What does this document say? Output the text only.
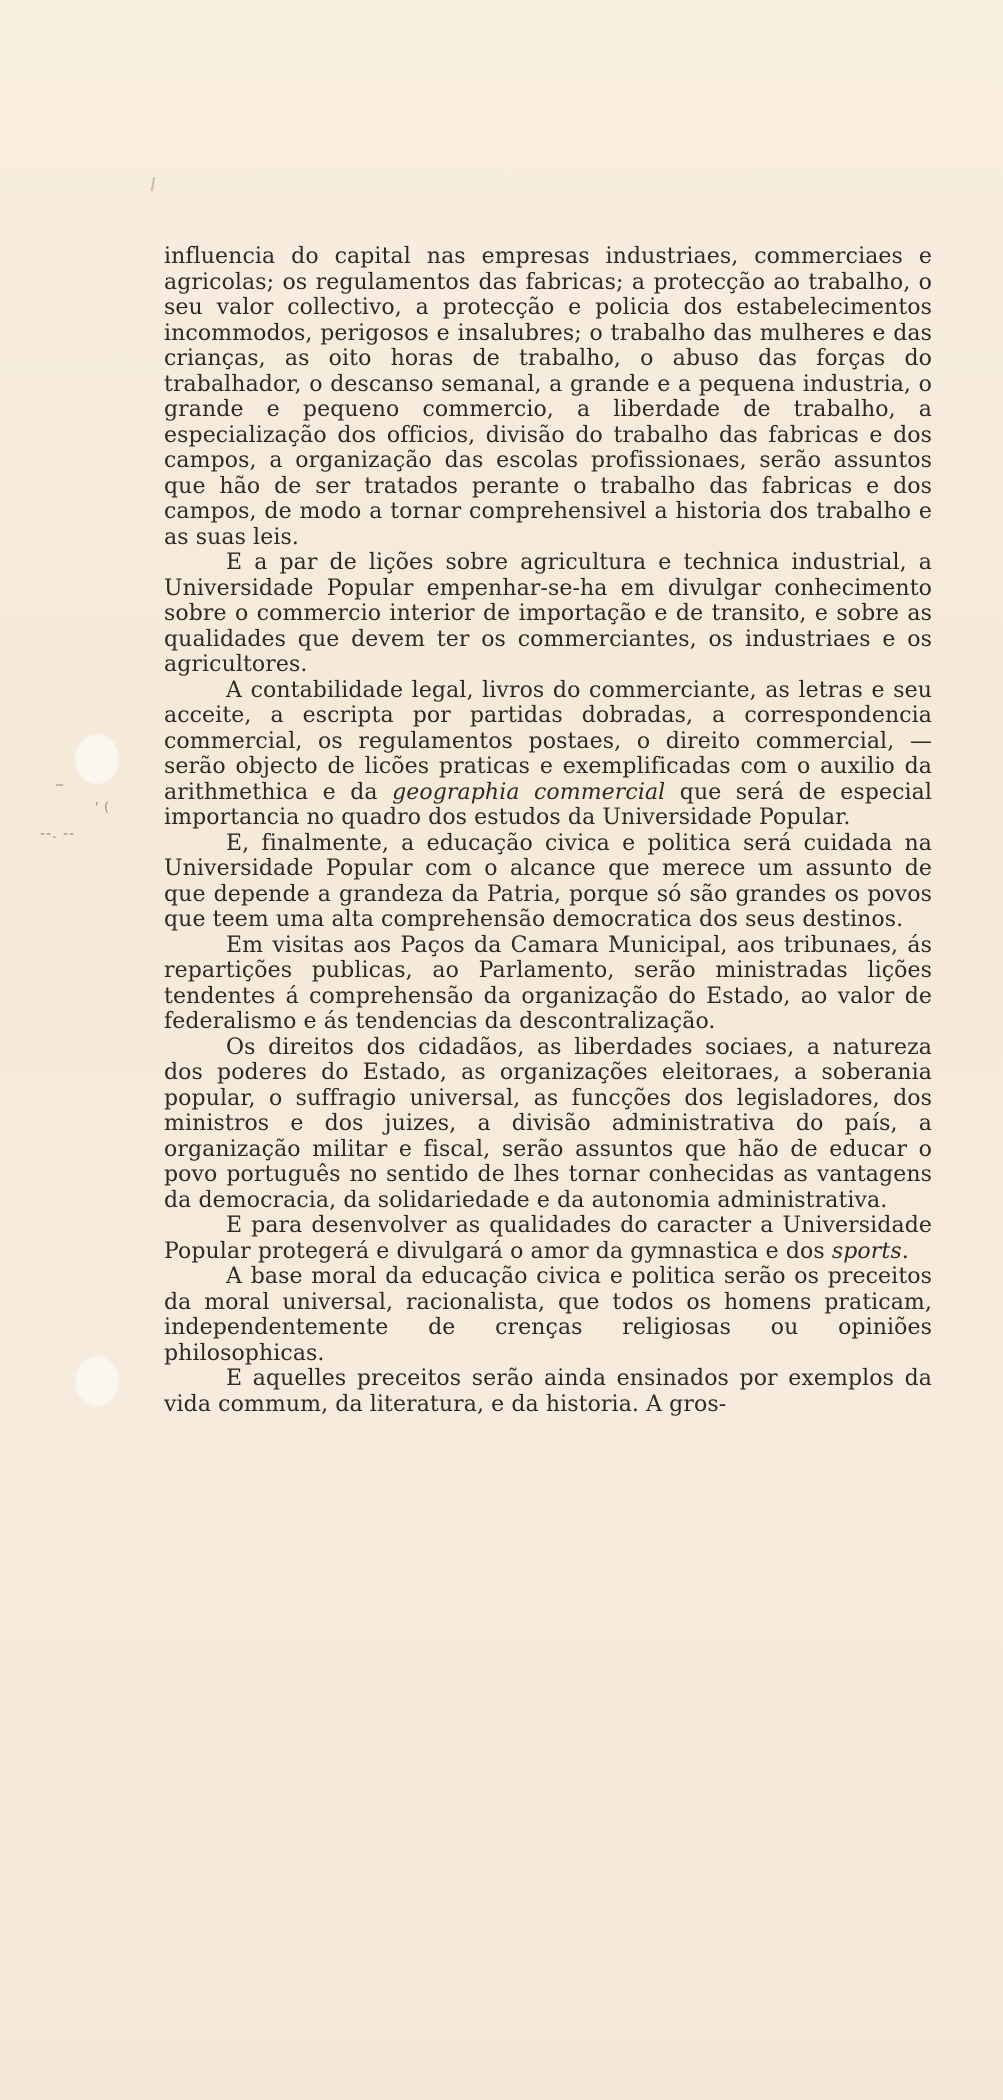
_
' (
--. --

influencia do capital nas empresas industriaes, commerciaes e agricolas; os regulamentos das fabricas; a protecção ao trabalho, o seu valor collectivo, a protecção e policia dos estabelecimentos incommodos, perigosos e insalubres; o trabalho das mulheres e das crianças, as oito horas de trabalho, o abuso das forças do trabalhador, o descanso semanal, a grande e a pequena industria, o grande e pequeno commercio, a liberdade de trabalho, a especialização dos officios, divisão do trabalho das fabricas e dos campos, a organização das escolas profissionaes, serão assuntos que hão de ser tratados perante o trabalho das fabricas e dos campos, de modo a tornar comprehensivel a historia dos trabalho e as suas leis.

E a par de lições sobre agricultura e technica industrial, a Universidade Popular empenhar-se-ha em divulgar conhecimento sobre o commercio interior de importação e de transito, e sobre as qualidades que devem ter os commerciantes, os industriaes e os agricultores.

A contabilidade legal, livros do commerciante, as letras e seu acceite, a escripta por partidas dobradas, a correspondencia commercial, os regulamentos postaes, o direito commercial, — serão objecto de licões praticas e exemplificadas com o auxilio da arithmethica e da geographia commercial que será de especial importancia no quadro dos estudos da Universidade Popular.

E, finalmente, a educação civica e politica será cuidada na Universidade Popular com o alcance que merece um assunto de que depende a grandeza da Patria, porque só são grandes os povos que teem uma alta comprehensão democratica dos seus destinos.

Em visitas aos Paços da Camara Municipal, aos tribunaes, ás repartições publicas, ao Parlamento, serão ministradas lições tendentes á comprehensão da organização do Estado, ao valor de federalismo e ás tendencias da descontralização.

Os direitos dos cidadãos, as liberdades sociaes, a natureza dos poderes do Estado, as organizações eleitoraes, a soberania popular, o suffragio universal, as funcções dos legisladores, dos ministros e dos juizes, a divisão administrativa do país, a organização militar e fiscal, serão assuntos que hão de educar o povo português no sentido de lhes tornar conhecidas as vantagens da democracia, da solidariedade e da autonomia administrativa.

E para desenvolver as qualidades do caracter a Universidade Popular protegerá e divulgará o amor da gymnastica e dos sports.

A base moral da educação civica e politica serão os preceitos da moral universal, racionalista, que todos os homens praticam, independentemente de crenças religiosas ou opiniões philosophicas.

E aquelles preceitos serão ainda ensinados por exemplos da vida commum, da literatura, e da historia. A gros-
